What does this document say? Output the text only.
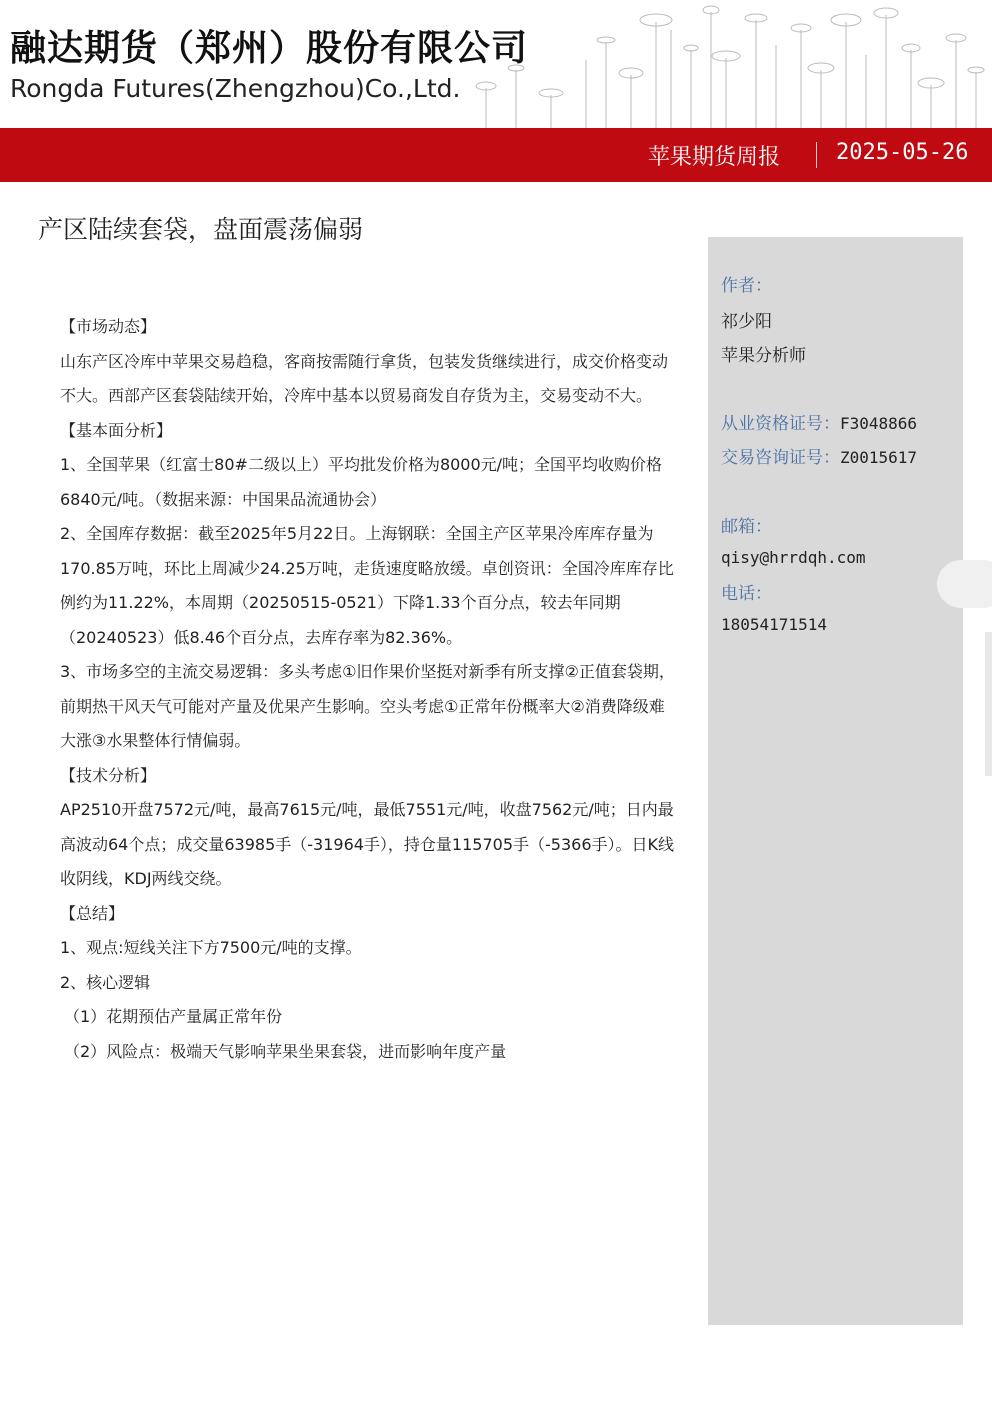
融达期货（郑州）股份有限公司
Rongda Futures(Zhengzhou)Co.,Ltd.
苹果期货周报	2025-05-26
产区陆续套袋，盘面震荡偏弱

【市场动态】

山东产区冷库中苹果交易趋稳，客商按需随行拿货，包装发货继续进行，成交价格变动不大。西部产区套袋陆续开始，冷库中基本以贸易商发自存货为主，交易变动不大。

【基本面分析】

1、全国苹果（红富士80#二级以上）平均批发价格为8000元/吨；全国平均收购价格6840元/吨。（数据来源：中国果品流通协会）

2、全国库存数据：截至2025年5月22日。上海钢联：全国主产区苹果冷库库存量为170.85万吨，环比上周减少24.25万吨，走货速度略放缓。卓创资讯：全国冷库库存比例约为11.22%，本周期（20250515-0521）下降1.33个百分点，较去年同期（20240523）低8.46个百分点，去库存率为82.36%。

3、市场多空的主流交易逻辑：多头考虑①旧作果价坚挺对新季有所支撑②正值套袋期，前期热干风天气可能对产量及优果产生影响。空头考虑①正常年份概率大②消费降级难大涨③水果整体行情偏弱。

【技术分析】

AP2510开盘7572元/吨，最高7615元/吨，最低7551元/吨，收盘7562元/吨；日内最高波动64个点；成交量63985手（-31964手），持仓量115705手（-5366手）。日K线收阴线，KDJ两线交绕。

【总结】

1、观点:短线关注下方7500元/吨的支撑。

2、核心逻辑

（1）花期预估产量属正常年份

（2）风险点：极端天气影响苹果坐果套袋，进而影响年度产量

作者：
祁少阳
苹果分析师
从业资格证号：F3048866
交易咨询证号：Z0015617
邮箱：
qisy@hrrdqh.com
电话：
18054171514
